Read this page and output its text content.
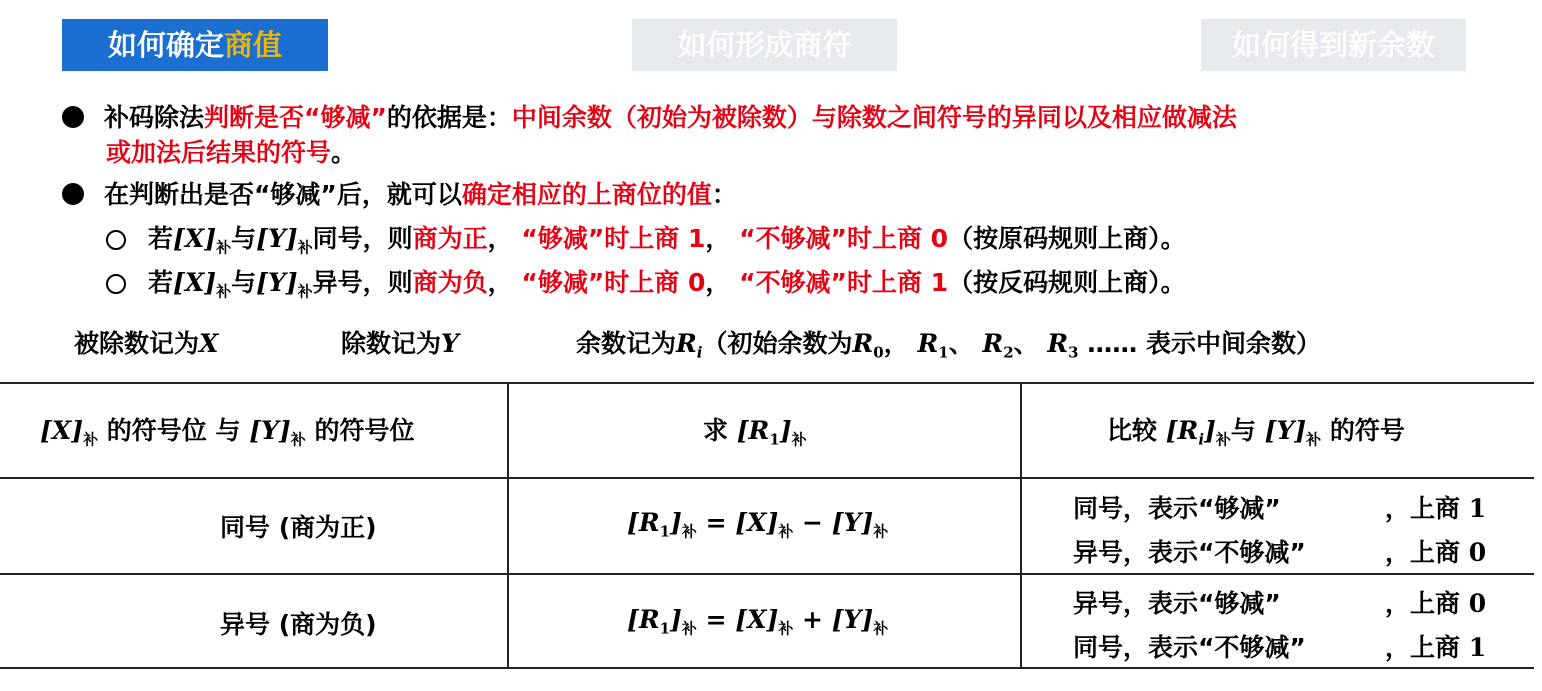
如何确定商值	如何形成商符	如何得到新余数
补码除法判断是否“够减”的依据是：中间余数（初始为被除数）与除数之间符号的异同以及相应做减法
或加法后结果的符号。
在判断出是否“够减”后，就可以确定相应的上商位的值：
若$[X]_补$与$[Y]_补$同号，则商为正， “够减”时上商 1， “不够减”时上商 0（按原码规则上商）。
若$[X]_补$与$[Y]_补$异号，则商为负， “够减”时上商 0， “不够减”时上商 1（按反码规则上商）。
被除数记为X	除数记为Y	余数记为$R_i$（初始余数为$R_0$， $R_1$、 $R_2$、 $R_3$ …… 表示中间余数）
$[X]_补$ 的符号位 与 $[Y]_补$ 的符号位	求 $[R_1]_补$	比较 $[R_i]_补$与 $[Y]_补$ 的符号
同号 (商为正)	$[R_1]_补 = [X]_补 - [Y]_补$
同号，表示“够减”	，上商 1
异号，表示“不够减”	，上商 0
异号 (商为负)	$[R_1]_补 = [X]_补 + [Y]_补$
异号，表示“够减”	，上商 0
同号，表示“不够减”	，上商 1
